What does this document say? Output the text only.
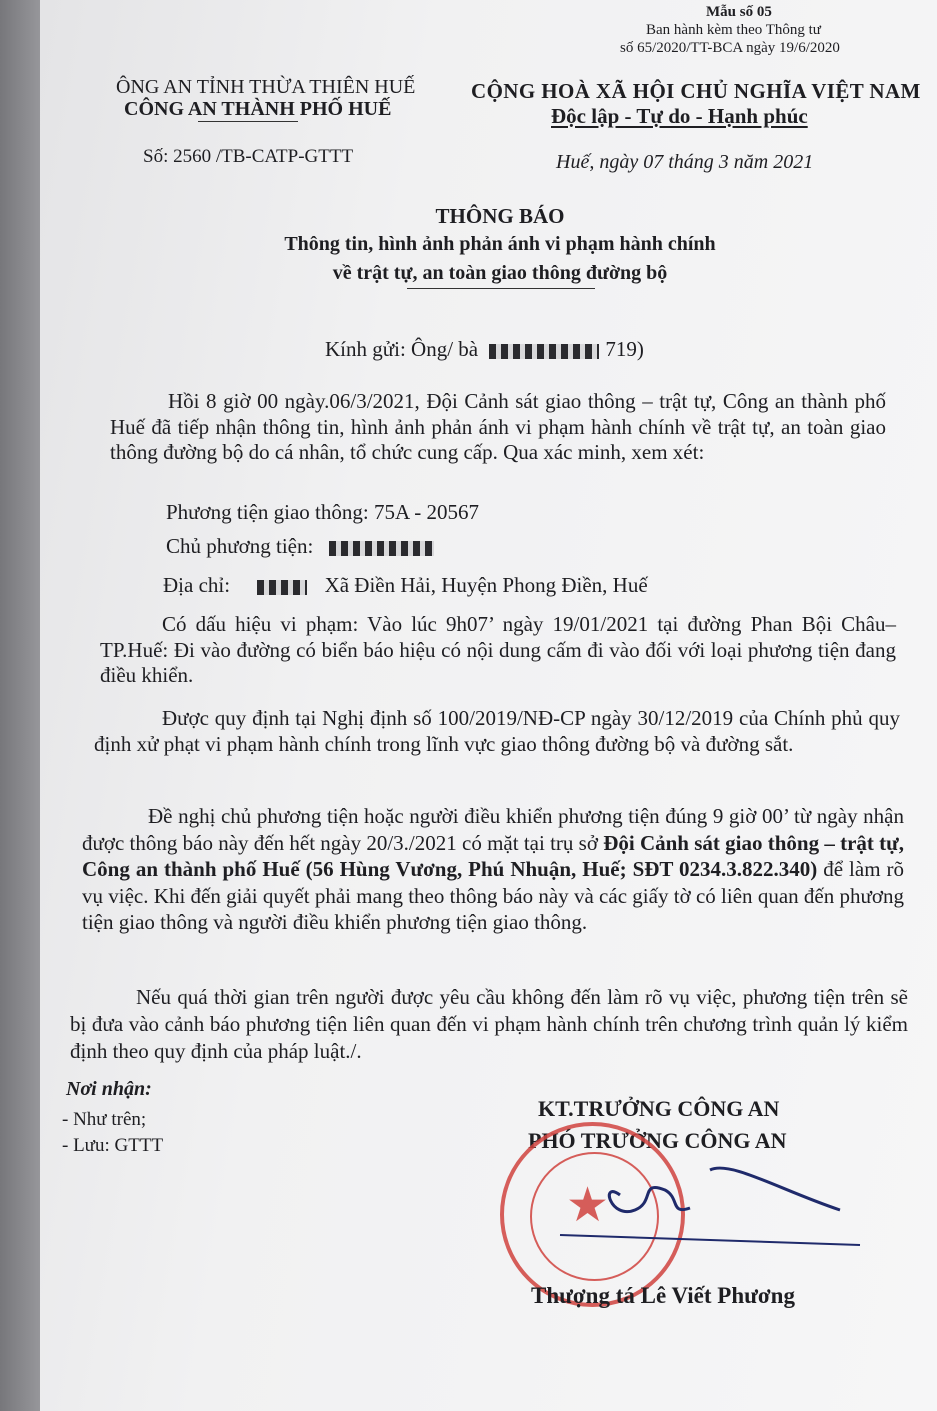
Mẫu số 05
Ban hành kèm theo Thông tư
số 65/2020/TT-BCA ngày 19/6/2020
ÔNG AN TỈNH THỪA THIÊN HUẾ
CÔNG AN THÀNH PHỐ HUẾ
Số: 2560 /TB-CATP-GTTT
CỘNG HOÀ XÃ HỘI CHỦ NGHĨA VIỆT NAM
Độc lập - Tự do - Hạnh phúc
Huế, ngày 07 tháng 3 năm 2021
THÔNG BÁO
Thông tin, hình ảnh phản ánh vi phạm hành chính
về trật tự, an toàn giao thông đường bộ
Kính gửi: Ông/ bà	719)
Hồi 8 giờ 00 ngày.06/3/2021, Đội Cảnh sát giao thông – trật tự, Công an thành phố Huế đã tiếp nhận thông tin, hình ảnh phản ánh vi phạm hành chính về trật tự, an toàn giao thông đường bộ do cá nhân, tổ chức cung cấp. Qua xác minh, xem xét:
Phương tiện giao thông: 75A - 20567
Chủ phương tiện:
Địa chỉ:	Xã Điền Hải, Huyện Phong Điền, Huế
Có dấu hiệu vi phạm: Vào lúc 9h07’ ngày 19/01/2021 tại đường Phan Bội Châu– TP.Huế: Đi vào đường có biển báo hiệu có nội dung cấm đi vào đối với loại phương tiện đang điều khiển.
Được quy định tại Nghị định số 100/2019/NĐ-CP ngày 30/12/2019 của Chính phủ quy định xử phạt vi phạm hành chính trong lĩnh vực giao thông đường bộ và đường sắt.
Đề nghị chủ phương tiện hoặc người điều khiển phương tiện đúng 9 giờ 00’ từ ngày nhận được thông báo này đến hết ngày 20/3./2021 có mặt tại trụ sở Đội Cảnh sát giao thông – trật tự, Công an thành phố Huế (56 Hùng Vương, Phú Nhuận, Huế; SĐT 0234.3.822.340) để làm rõ vụ việc. Khi đến giải quyết phải mang theo thông báo này và các giấy tờ có liên quan đến phương tiện giao thông và người điều khiển phương tiện giao thông.
Nếu quá thời gian trên người được yêu cầu không đến làm rõ vụ việc, phương tiện trên sẽ bị đưa vào cảnh báo phương tiện liên quan đến vi phạm hành chính trên chương trình quản lý kiểm định theo quy định của pháp luật./.
Nơi nhận:
- Như trên;
- Lưu: GTTT
KT.TRƯỞNG CÔNG AN
PHÓ TRƯỞNG CÔNG AN
★
Thượng tá Lê Viết Phương
